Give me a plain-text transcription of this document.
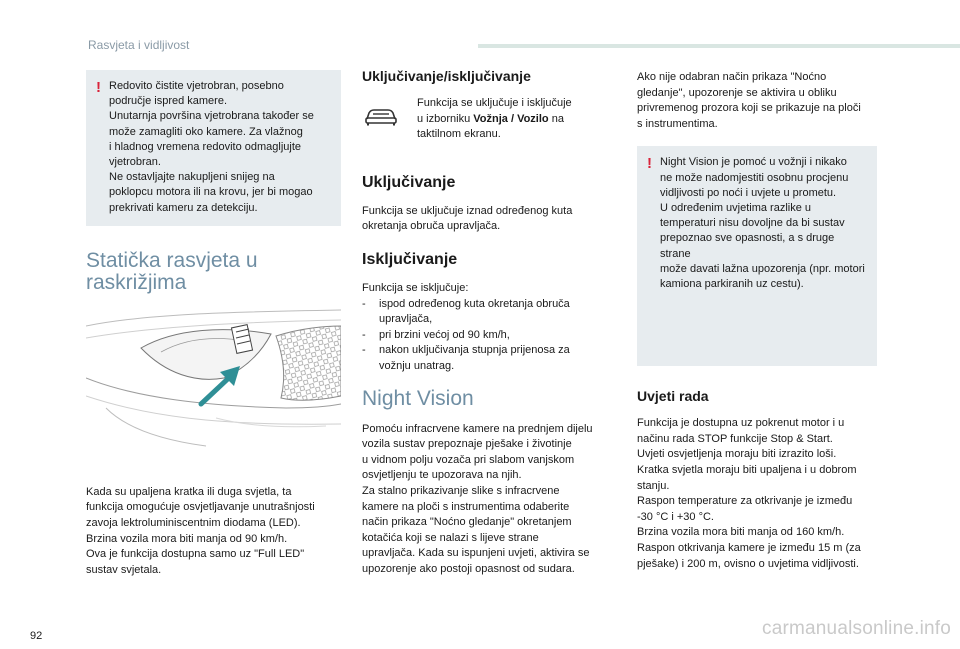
Rasvjeta i vidljivost
! Redovito čistite vjetrobran, posebno
područje ispred kamere.
Unutarnja površina vjetrobrana također se
može zamagliti oko kamere. Za vlažnog
i hladnog vremena redovito odmagljujte
vjetrobran.
Ne ostavljajte nakupljeni snijeg na
poklopcu motora ili na krovu, jer bi mogao
prekrivati kameru za detekciju.
Statička rasvjeta u
raskrižjima
Kada su upaljena kratka ili duga svjetla, ta
funkcija omogućuje osvjetljavanje unutrašnjosti
zavoja lektroluminiscentnim diodama (LED).
Brzina vozila mora biti manja od 90 km/h.
Ova je funkcija dostupna samo uz "Full LED"
sustav svjetala.
Uključivanje/isključivanje
Funkcija se uključuje i isključuje
u izborniku Vožnja / Vozilo na
taktilnom ekranu.
Uključivanje
Funkcija se uključuje iznad određenog kuta
okretanja obruča upravljača.
Isključivanje
Funkcija se isključuje:
- ispod određenog kuta okretanja obruča
upravljača,
- pri brzini većoj od 90 km/h,
- nakon uključivanja stupnja prijenosa za
vožnju unatrag.
Night Vision
Pomoću infracrvene kamere na prednjem dijelu
vozila sustav prepoznaje pješake i životinje
u vidnom polju vozača pri slabom vanjskom
osvjetljenju te upozorava na njih.
Za stalno prikazivanje slike s infracrvene
kamere na ploči s instrumentima odaberite
način prikaza "Noćno gledanje" okretanjem
kotačića koji se nalazi s lijeve strane
upravljača. Kada su ispunjeni uvjeti, aktivira se
upozorenje ako postoji opasnost od sudara.
Ako nije odabran način prikaza "Noćno
gledanje", upozorenje se aktivira u obliku
privremenog prozora koji se prikazuje na ploči
s instrumentima.
! Night Vision je pomoć u vožnji i nikako
ne može nadomjestiti osobnu procjenu
vidljivosti po noći i uvjete u prometu.
U određenim uvjetima razlike u
temperaturi nisu dovoljne da bi sustav
prepoznao sve opasnosti, a s druge strane
može davati lažna upozorenja (npr. motori
kamiona parkiranih uz cestu).
Uvjeti rada
Funkcija je dostupna uz pokrenut motor i u
načinu rada STOP funkcije Stop & Start.
Uvjeti osvjetljenja moraju biti izrazito loši.
Kratka svjetla moraju biti upaljena i u dobrom
stanju.
Raspon temperature za otkrivanje je između
-30 °C i +30 °C.
Brzina vozila mora biti manja od 160 km/h.
Raspon otkrivanja kamere je između 15 m (za
pješake) i 200 m, ovisno o uvjetima vidljivosti.
92	carmanualsonline.info
